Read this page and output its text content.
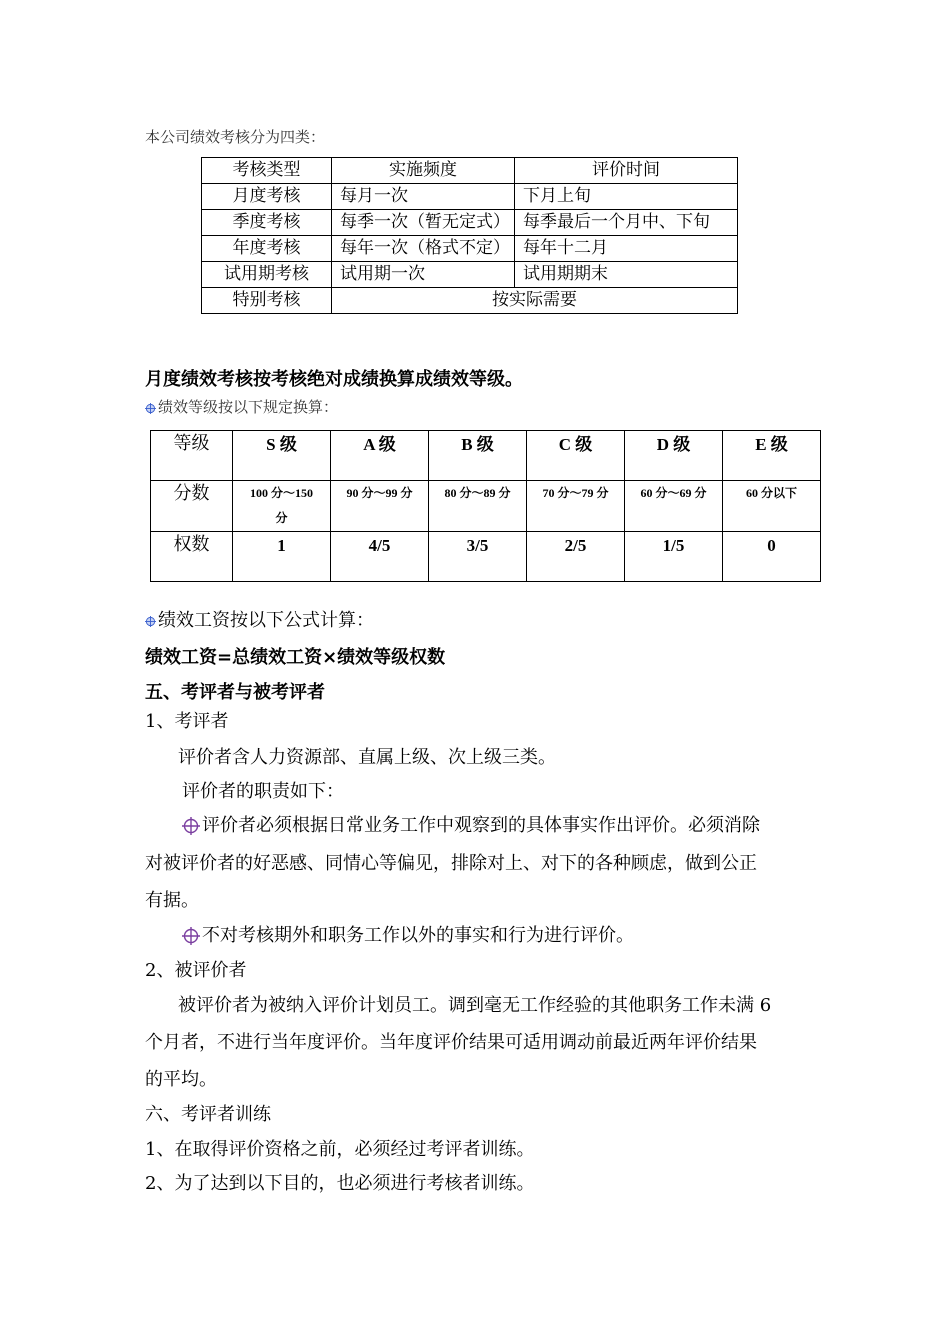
本公司绩效考核分为四类：
考核类型	实施频度	评价时间
月度考核	每月一次	下月上旬
季度考核	每季一次（暂无定式）	每季最后一个月中、下旬
年度考核	每年一次（格式不定）	每年十二月
试用期考核	试用期一次	试用期期末
特别考核	按实际需要	
月度绩效考核按考核绝对成绩换算成绩效等级。
绩效等级按以下规定换算：
等级	S 级	A 级	B 级	C 级	D 级	E 级
分数	100 分～150 分	90 分～99 分	80 分～89 分	70 分～79 分	60 分～69 分	60 分以下
权数	1	4/5	3/5	2/5	1/5	0
绩效工资按以下公式计算：
绩效工资=总绩效工资×绩效等级权数
五、考评者与被考评者
1、考评者
评价者含人力资源部、直属上级、次上级三类。
评价者的职责如下：
评价者必须根据日常业务工作中观察到的具体事实作出评价。必须消除
对被评价者的好恶感、同情心等偏见，排除对上、对下的各种顾虑，做到公正
有据。
不对考核期外和职务工作以外的事实和行为进行评价。
2、被评价者
被评价者为被纳入评价计划员工。调到毫无工作经验的其他职务工作未满 6
个月者，不进行当年度评价。当年度评价结果可适用调动前最近两年评价结果
的平均。
六、考评者训练
1、在取得评价资格之前，必须经过考评者训练。
2、为了达到以下目的，也必须进行考核者训练。
